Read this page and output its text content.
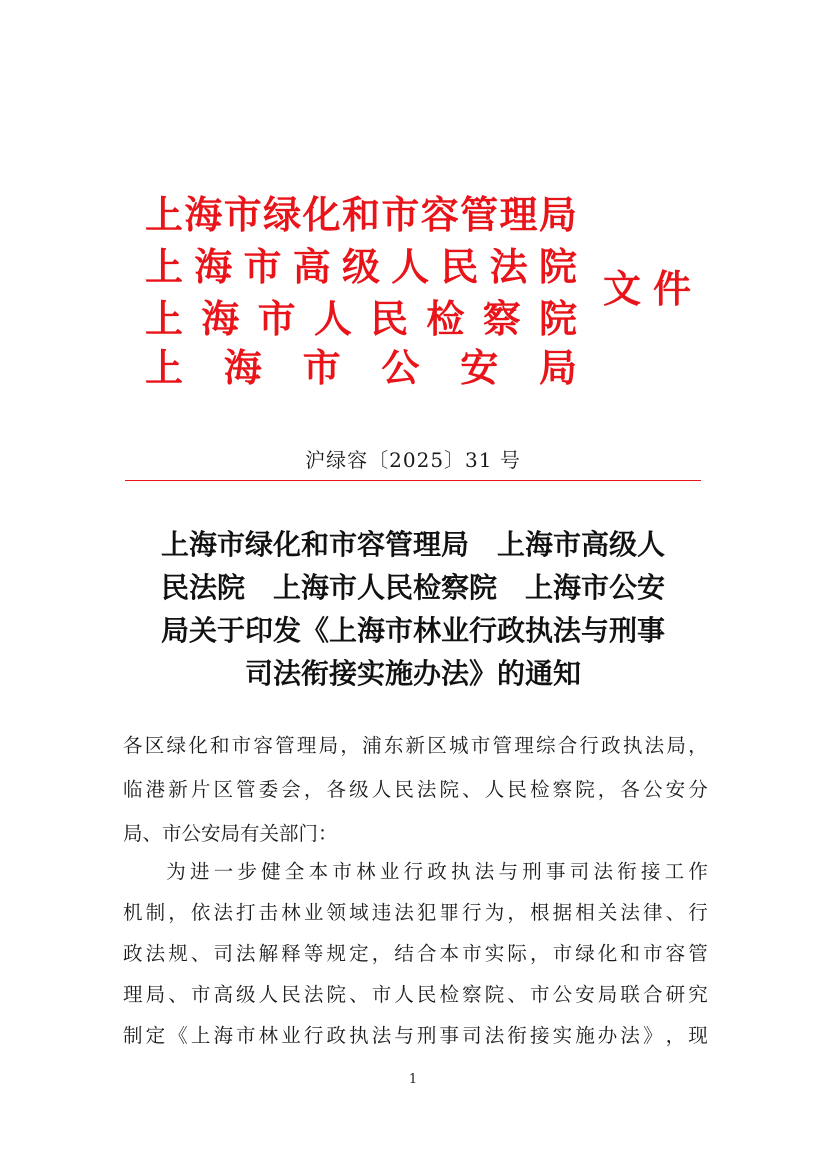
上 海 市 绿 化 和 市 容 管 理 局
上 海 市 高 级 人 民 法 院
上 海 市 人 民 检 察 院
上 海 市 公 安 局
文 件
沪绿容〔2025〕31 号
上海市绿化和市容管理局　上海市高级人
民法院　上海市人民检察院　上海市公安
局关于印发《上海市林业行政执法与刑事
司法衔接实施办法》的通知
各 区 绿 化 和 市 容 管 理 局 ， 浦 东 新 区 城 市 管 理 综 合 行 政 执 法 局 ，
临 港 新 片 区 管 委 会 ， 各 级 人 民 法 院 、 人 民 检 察 院 ， 各 公 安 分
局、市公安局有关部门：

为 进 一 步 健 全 本 市 林 业 行 政 执 法 与 刑 事 司 法 衔 接 工 作
机 制 ， 依 法 打 击 林 业 领 域 违 法 犯 罪 行 为 ， 根 据 相 关 法 律 、 行
政 法 规 、 司 法 解 释 等 规 定 ， 结 合 本 市 实 际 ， 市 绿 化 和 市 容 管
理 局 、 市 高 级 人 民 法 院 、 市 人 民 检 察 院 、 市 公 安 局 联 合 研 究
制 定 《 上 海 市 林 业 行 政 执 法 与 刑 事 司 法 衔 接 实 施 办 法 》 ， 现
1
